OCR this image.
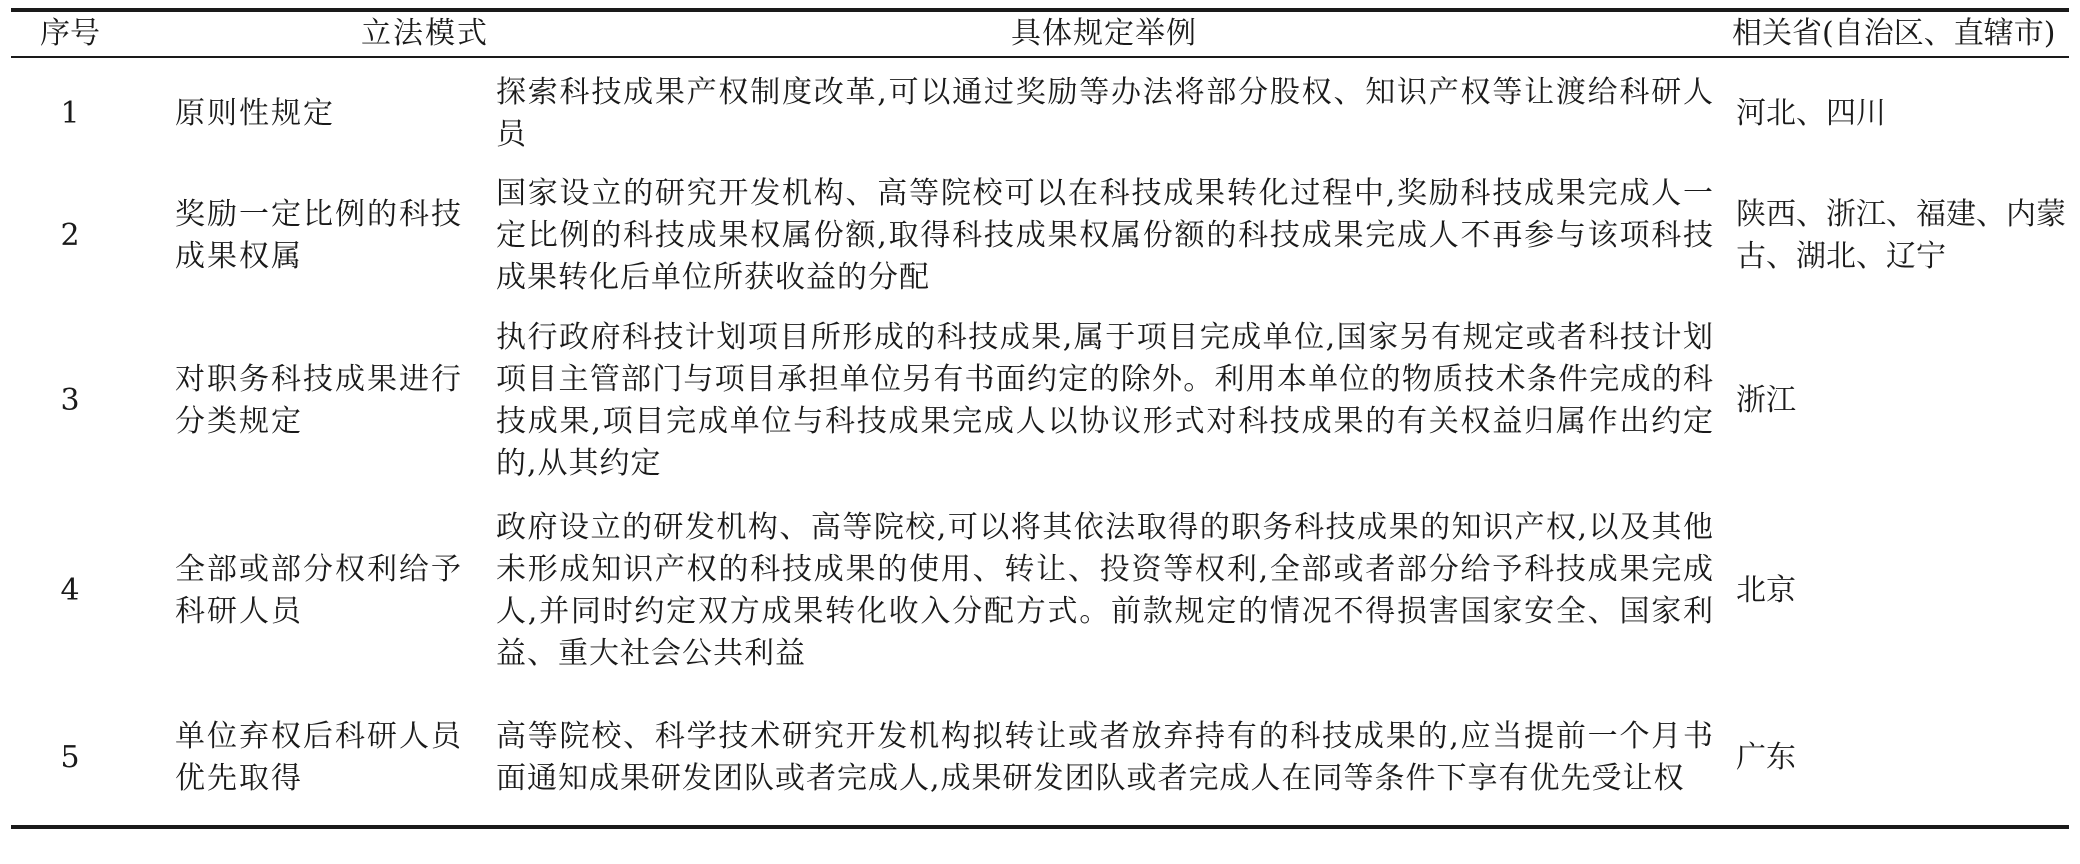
序号	立法模式	具体规定举例	相关省(自治区、直辖市)
1	原则性规定	探索科技成果产权制度改革,可以通过奖励等办法将部分股权、知识产权等让渡给科研人员	河北、四川
2	奖励一定比例的科技成果权属	国家设立的研究开发机构、高等院校可以在科技成果转化过程中,奖励科技成果完成人一定比例的科技成果权属份额,取得科技成果权属份额的科技成果完成人不再参与该项科技成果转化后单位所获收益的分配	陕西、浙江、福建、内蒙古、湖北、辽宁
3	对职务科技成果进行分类规定	执行政府科技计划项目所形成的科技成果,属于项目完成单位,国家另有规定或者科技计划项目主管部门与项目承担单位另有书面约定的除外。利用本单位的物质技术条件完成的科技成果,项目完成单位与科技成果完成人以协议形式对科技成果的有关权益归属作出约定的,从其约定	浙江
4	全部或部分权利给予科研人员	政府设立的研发机构、高等院校,可以将其依法取得的职务科技成果的知识产权,以及其他未形成知识产权的科技成果的使用、转让、投资等权利,全部或者部分给予科技成果完成人,并同时约定双方成果转化收入分配方式。前款规定的情况不得损害国家安全、国家利益、重大社会公共利益	北京
5	单位弃权后科研人员优先取得	高等院校、科学技术研究开发机构拟转让或者放弃持有的科技成果的,应当提前一个月书面通知成果研发团队或者完成人,成果研发团队或者完成人在同等条件下享有优先受让权	广东
